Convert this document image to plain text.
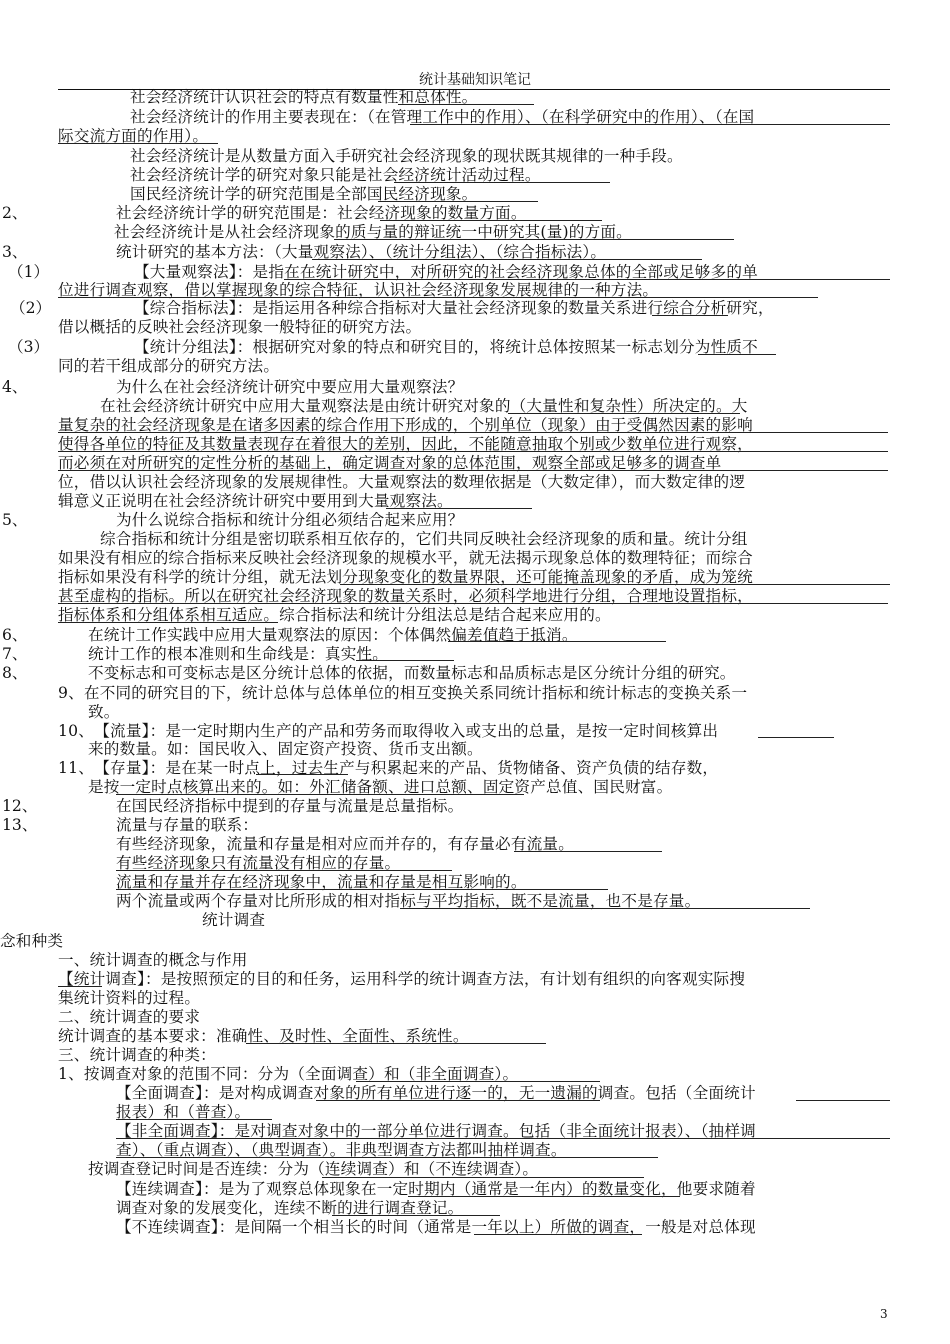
统计基础知识笔记
2、
3、
（1）
（2）
（3）
4、
5、
6、
7、
8、
12、
13、
社会经济统计认识社会的特点有数量性和总体性。
社会经济统计的作用主要表现在：（在管理工作中的作用）、（在科学研究中的作用）、（在国
际交流方面的作用）。
社会经济统计是从数量方面入手研究社会经济现象的现状既其规律的一种手段。
社会经济统计学的研究对象只能是社会经济统计活动过程。
国民经济统计学的研究范围是全部国民经济现象。
社会经济统计学的研究范围是：社会经济现象的数量方面。
社会经济统计是从社会经济现象的质与量的辩证统一中研究其(量)的方面。
统计研究的基本方法：（大量观察法）、（统计分组法）、（综合指标法）。
【大量观察法】：是指在在统计研究中，对所研究的社会经济现象总体的全部或足够多的单
位进行调查观察，借以掌握现象的综合特征，认识社会经济现象发展规律的一种方法。
【综合指标法】：是指运用各种综合指标对大量社会经济现象的数量关系进行综合分析研究，
借以概括的反映社会经济现象一般特征的研究方法。
【统计分组法】：根据研究对象的特点和研究目的，将统计总体按照某一标志划分为性质不
同的若干组成部分的研究方法。
为什么在社会经济统计研究中要应用大量观察法？
在社会经济统计研究中应用大量观察法是由统计研究对象的（大量性和复杂性）所决定的。大
量复杂的社会经济现象是在诸多因素的综合作用下形成的，个别单位（现象）由于受偶然因素的影响
使得各单位的特征及其数量表现存在着很大的差别，因此，不能随意抽取个别或少数单位进行观察，
而必须在对所研究的定性分析的基础上，确定调查对象的总体范围，观察全部或足够多的调查单
位，借以认识社会经济现象的发展规律性。大量观察法的数理依据是（大数定律），而大数定律的逻
辑意义正说明在社会经济统计研究中要用到大量观察法。
为什么说综合指标和统计分组必须结合起来应用？
综合指标和统计分组是密切联系相互依存的，它们共同反映社会经济现象的质和量。统计分组
如果没有相应的综合指标来反映社会经济现象的规模水平，就无法揭示现象总体的数理特征；而综合
指标如果没有科学的统计分组，就无法划分现象变化的数量界限，还可能掩盖现象的矛盾，成为笼统
甚至虚构的指标。所以在研究社会经济现象的数量关系时，必须科学地进行分组，合理地设置指标，
指标体系和分组体系相互适应。综合指标法和统计分组法总是结合起来应用的。
在统计工作实践中应用大量观察法的原因：个体偶然偏差值趋于抵消。
统计工作的根本准则和生命线是：真实性。
不变标志和可变标志是区分统计总体的依据，而数量标志和品质标志是区分统计分组的研究。
9、在不同的研究目的下，统计总体与总体单位的相互变换关系同统计指标和统计标志的变换关系一
致。
10、　【流量】：是一定时期内生产的产品和劳务而取得收入或支出的总量，是按一定时间核算出
来的数量。如：国民收入、固定资产投资、货币支出额。
11、　【存量】：是在某一时点上，过去生产与积累起来的产品、货物储备、资产负债的结存数，
是按一定时点核算出来的。如：外汇储备额、进口总额、固定资产总值、国民财富。
在国民经济指标中提到的存量与流量是总量指标。
流量与存量的联系：
有些经济现象，流量和存量是相对应而并存的，有存量必有流量。
有些经济现象只有流量没有相应的存量。
流量和存量并存在经济现象中，流量和存量是相互影响的。
两个流量或两个存量对比所形成的相对指标与平均指标，既不是流量，也不是存量。
统计调查
念和种类
一、统计调查的概念与作用
【统计调查】：是按照预定的目的和任务，运用科学的统计调查方法，有计划有组织的向客观实际搜
集统计资料的过程。
二、统计调查的要求
统计调查的基本要求：准确性、及时性、全面性、系统性。
三、统计调查的种类：
1、按调查对象的范围不同：分为（全面调查）和（非全面调查）。
【全面调查】：是对构成调查对象的所有单位进行逐一的，无一遗漏的调查。包括（全面统计
报表）和（普查）。
【非全面调查】：是对调查对象中的一部分单位进行调查。包括（非全面统计报表）、（抽样调
查）、（重点调查）、（典型调查）。非典型调查方法都叫抽样调查。
按调查登记时间是否连续：分为（连续调查）和（不连续调查）。
【连续调查】：是为了观察总体现象在一定时期内（通常是一年内）的数量变化，他要求随着
调查对象的发展变化，连续不断的进行调查登记。
【不连续调查】：是间隔一个相当长的时间（通常是一年以上）所做的调查，一般是对总体现
3
